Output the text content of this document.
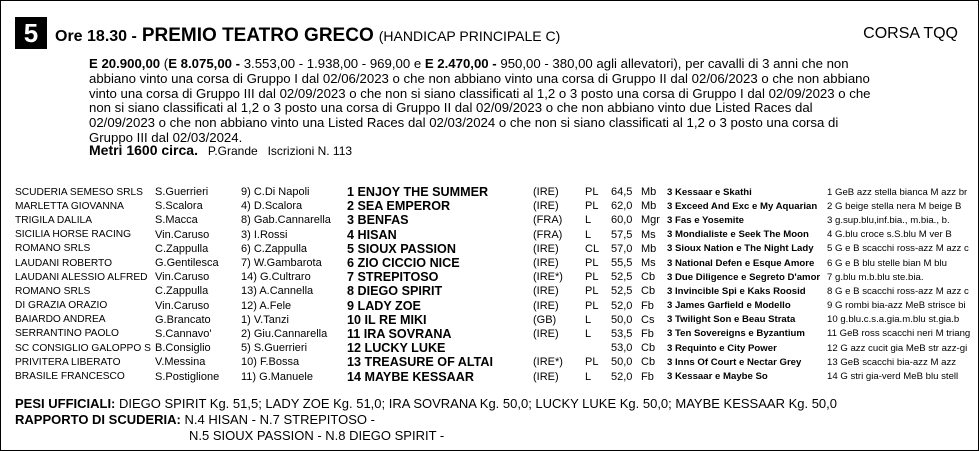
5	Ore 18.30 - PREMIO TEATRO GRECO (HANDICAP PRINCIPALE C)	CORSA TQQ
E 20.900,00 (E 8.075,00 - 3.553,00 - 1.938,00 - 969,00 e E 2.470,00 - 950,00 - 380,00 agli allevatori), per cavalli di 3 anni che non abbiano vinto una corsa di Gruppo I dal 02/06/2023 o che non abbiano vinto una corsa di Gruppo II dal 02/06/2023 o che non abbiano vinto una corsa di Gruppo III dal 02/09/2023 o che non si siano classificati al 1,2 o 3 posto una corsa di Gruppo I dal 02/09/2023 o che non si siano classificati al 1,2 o 3 posto una corsa di Gruppo II dal 02/09/2023 o che non abbiano vinto due Listed Races dal 02/09/2023 o che non abbiano vinto una Listed Races dal 02/03/2024 o che non si siano classificati al 1,2 o 3 posto una corsa di Gruppo III dal 02/03/2024.
Metri 1600 circa. P.Grande Iscrizioni N. 113
SCUDERIA SEMESO SRLS	S.Guerrieri	9) C.Di Napoli	1 ENJOY THE SUMMER	(IRE)	PL	64,5	Mb	3 Kessaar e Skathi	1 GeB azz stella bianca M azz br
MARLETTA GIOVANNA	S.Scalora	4) D.Scalora	2 SEA EMPEROR	(IRE)	PL	62,0	Mb	3 Exceed And Exc e My Aquarian	2 G beige stella nera M beige B
TRIGILA DALILA	S.Macca	8) Gab.Cannarella	3 BENFAS	(FRA)	L	60,0	Mgr	3 Fas e Yosemite	3 g.sup.blu,inf.bia., m.bia., b.
SICILIA HORSE RACING	Vin.Caruso	3) I.Rossi	4 HISAN	(FRA)	L	57,5	Ms	3 Mondialiste e Seek The Moon	4 G.blu croce s.S.blu M ver B
ROMANO SRLS	C.Zappulla	6) C.Zappulla	5 SIOUX PASSION	(IRE)	CL	57,0	Mb	3 Sioux Nation e The Night Lady	5 G e B scacchi ross-azz M azz c
LAUDANI ROBERTO	G.Gentilesca	7) W.Gambarota	6 ZIO CICCIO NICE	(IRE)	PL	55,5	Ms	3 National Defen e Esque Amore	6 G e B blu stelle bian M blu
LAUDANI ALESSIO ALFRED	Vin.Caruso	14) G.Cultraro	7 STREPITOSO	(IRE*)	PL	52,5	Cb	3 Due Diligence e Segreto D'amor	7 g.blu m.b.blu ste.bia.
ROMANO SRLS	C.Zappulla	13) A.Cannella	8 DIEGO SPIRIT	(IRE)	PL	52,5	Cb	3 Invincible Spi e Kaks Roosid	8 G e B scacchi ross-azz M azz c
DI GRAZIA ORAZIO	Vin.Caruso	12) A.Fele	9 LADY ZOE	(IRE)	PL	52,0	Fb	3 James Garfield e Modello	9 G rombi bia-azz MeB strisce bi
BAIARDO ANDREA	G.Brancato	1) V.Tanzi	10 IL RE MIKI	(GB)	L	50,0	Cs	3 Twilight Son e Beau Strata	10 g.blu.c.s.a.gia.m.blu st.gia.b
SERRANTINO PAOLO	S.Cannavo'	2) Giu.Cannarella	11 IRA SOVRANA	(IRE)	L	53,5	Fb	3 Ten Sovereigns e Byzantium	11 GeB ross scacchi neri M triang
SC CONSIGLIO GALOPPO S	B.Consiglio	5) S.Guerrieri	12 LUCKY LUKE			53,0	Cb	3 Requinto e City Power	12 G azz cucit gia MeB str azz-gi
PRIVITERA LIBERATO	V.Messina	10) F.Bossa	13 TREASURE OF ALTAI	(IRE*)	PL	50,0	Cb	3 Inns Of Court e Nectar Grey	13 GeB scacchi bia-azz M azz
BRASILE FRANCESCO	S.Postiglione	11) G.Manuele	14 MAYBE KESSAAR	(IRE)	L	52,0	Fb	3 Kessaar e Maybe So	14 G stri gia-verd MeB blu stell
PESI UFFICIALI: DIEGO SPIRIT Kg. 51,5; LADY ZOE Kg. 51,0; IRA SOVRANA Kg. 50,0; LUCKY LUKE Kg. 50,0; MAYBE KESSAAR Kg. 50,0
RAPPORTO DI SCUDERIA: N.4 HISAN - N.7 STREPITOSO -
N.5 SIOUX PASSION - N.8 DIEGO SPIRIT -
